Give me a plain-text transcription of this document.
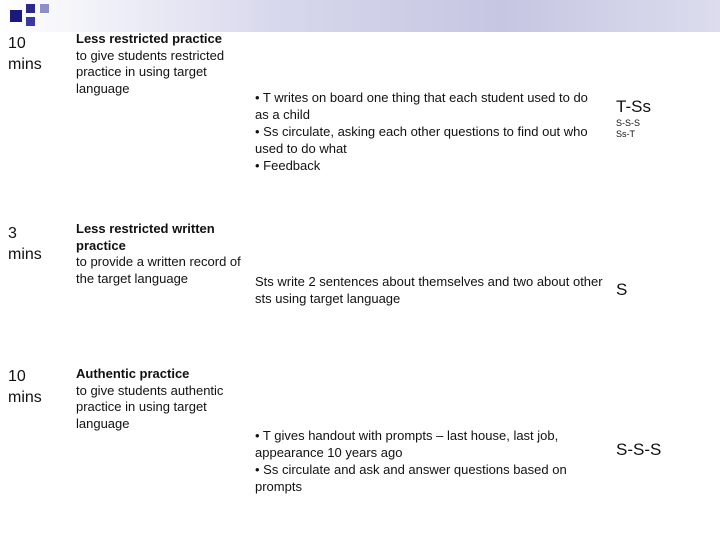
10
mins
Less restricted practice
to give students restricted practice in using target language
• T writes on board one thing that each student used to do as a child
• Ss circulate, asking each other questions to find out who used to do what
• Feedback
T-Ss
S-S-S
Ss-T
3
mins
Less restricted written practice
to provide a written record of the target language	Sts write 2 sentences about themselves and two about other sts using target language	S
10
mins
Authentic practice
to give students authentic practice in using target language
• T gives handout with prompts – last house, last job, appearance 10 years ago
• Ss circulate and ask and answer questions based on prompts
S-S-S
